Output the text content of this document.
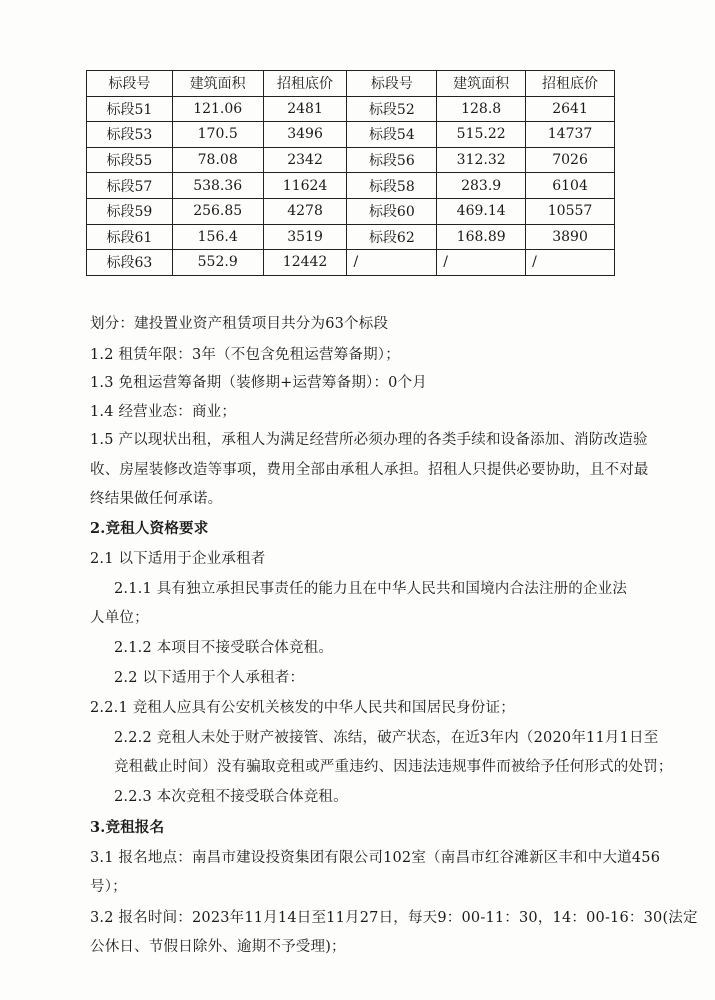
标段号	建筑面积	招租底价	标段号	建筑面积	招租底价
标段51	121.06	2481	标段52	128.8	2641
标段53	170.5	3496	标段54	515.22	14737
标段55	78.08	2342	标段56	312.32	7026
标段57	538.36	11624	标段58	283.9	6104
标段59	256.85	4278	标段60	469.14	10557
标段61	156.4	3519	标段62	168.89	3890
标段63	552.9	12442	/	/	/
划分：建投置业资产租赁项目共分为63个标段
1.2 租赁年限：3年（不包含免租运营筹备期）；
1.3 免租运营筹备期（装修期+运营筹备期）：0个月
1.4 经营业态：商业；
1.5 产以现状出租，承租人为满足经营所必须办理的各类手续和设备添加、消防改造验
收、房屋装修改造等事项，费用全部由承租人承担。招租人只提供必要协助，且不对最
终结果做任何承诺。
2.竞租人资格要求
2.1 以下适用于企业承租者
2.1.1 具有独立承担民事责任的能力且在中华人民共和国境内合法注册的企业法
人单位；
2.1.2 本项目不接受联合体竞租。
2.2 以下适用于个人承租者：
2.2.1 竞租人应具有公安机关核发的中华人民共和国居民身份证；
2.2.2 竞租人未处于财产被接管、冻结，破产状态，在近3年内（2020年11月1日至
竞租截止时间）没有骗取竞租或严重违约、因违法违规事件而被给予任何形式的处罚；
2.2.3 本次竞租不接受联合体竞租。
3.竞租报名
3.1 报名地点：南昌市建设投资集团有限公司102室（南昌市红谷滩新区丰和中大道456
号）；
3.2 报名时间：2023年11月14日至11月27日，每天9：00-11：30，14：00-16：30(法定
公休日、节假日除外、逾期不予受理)；
